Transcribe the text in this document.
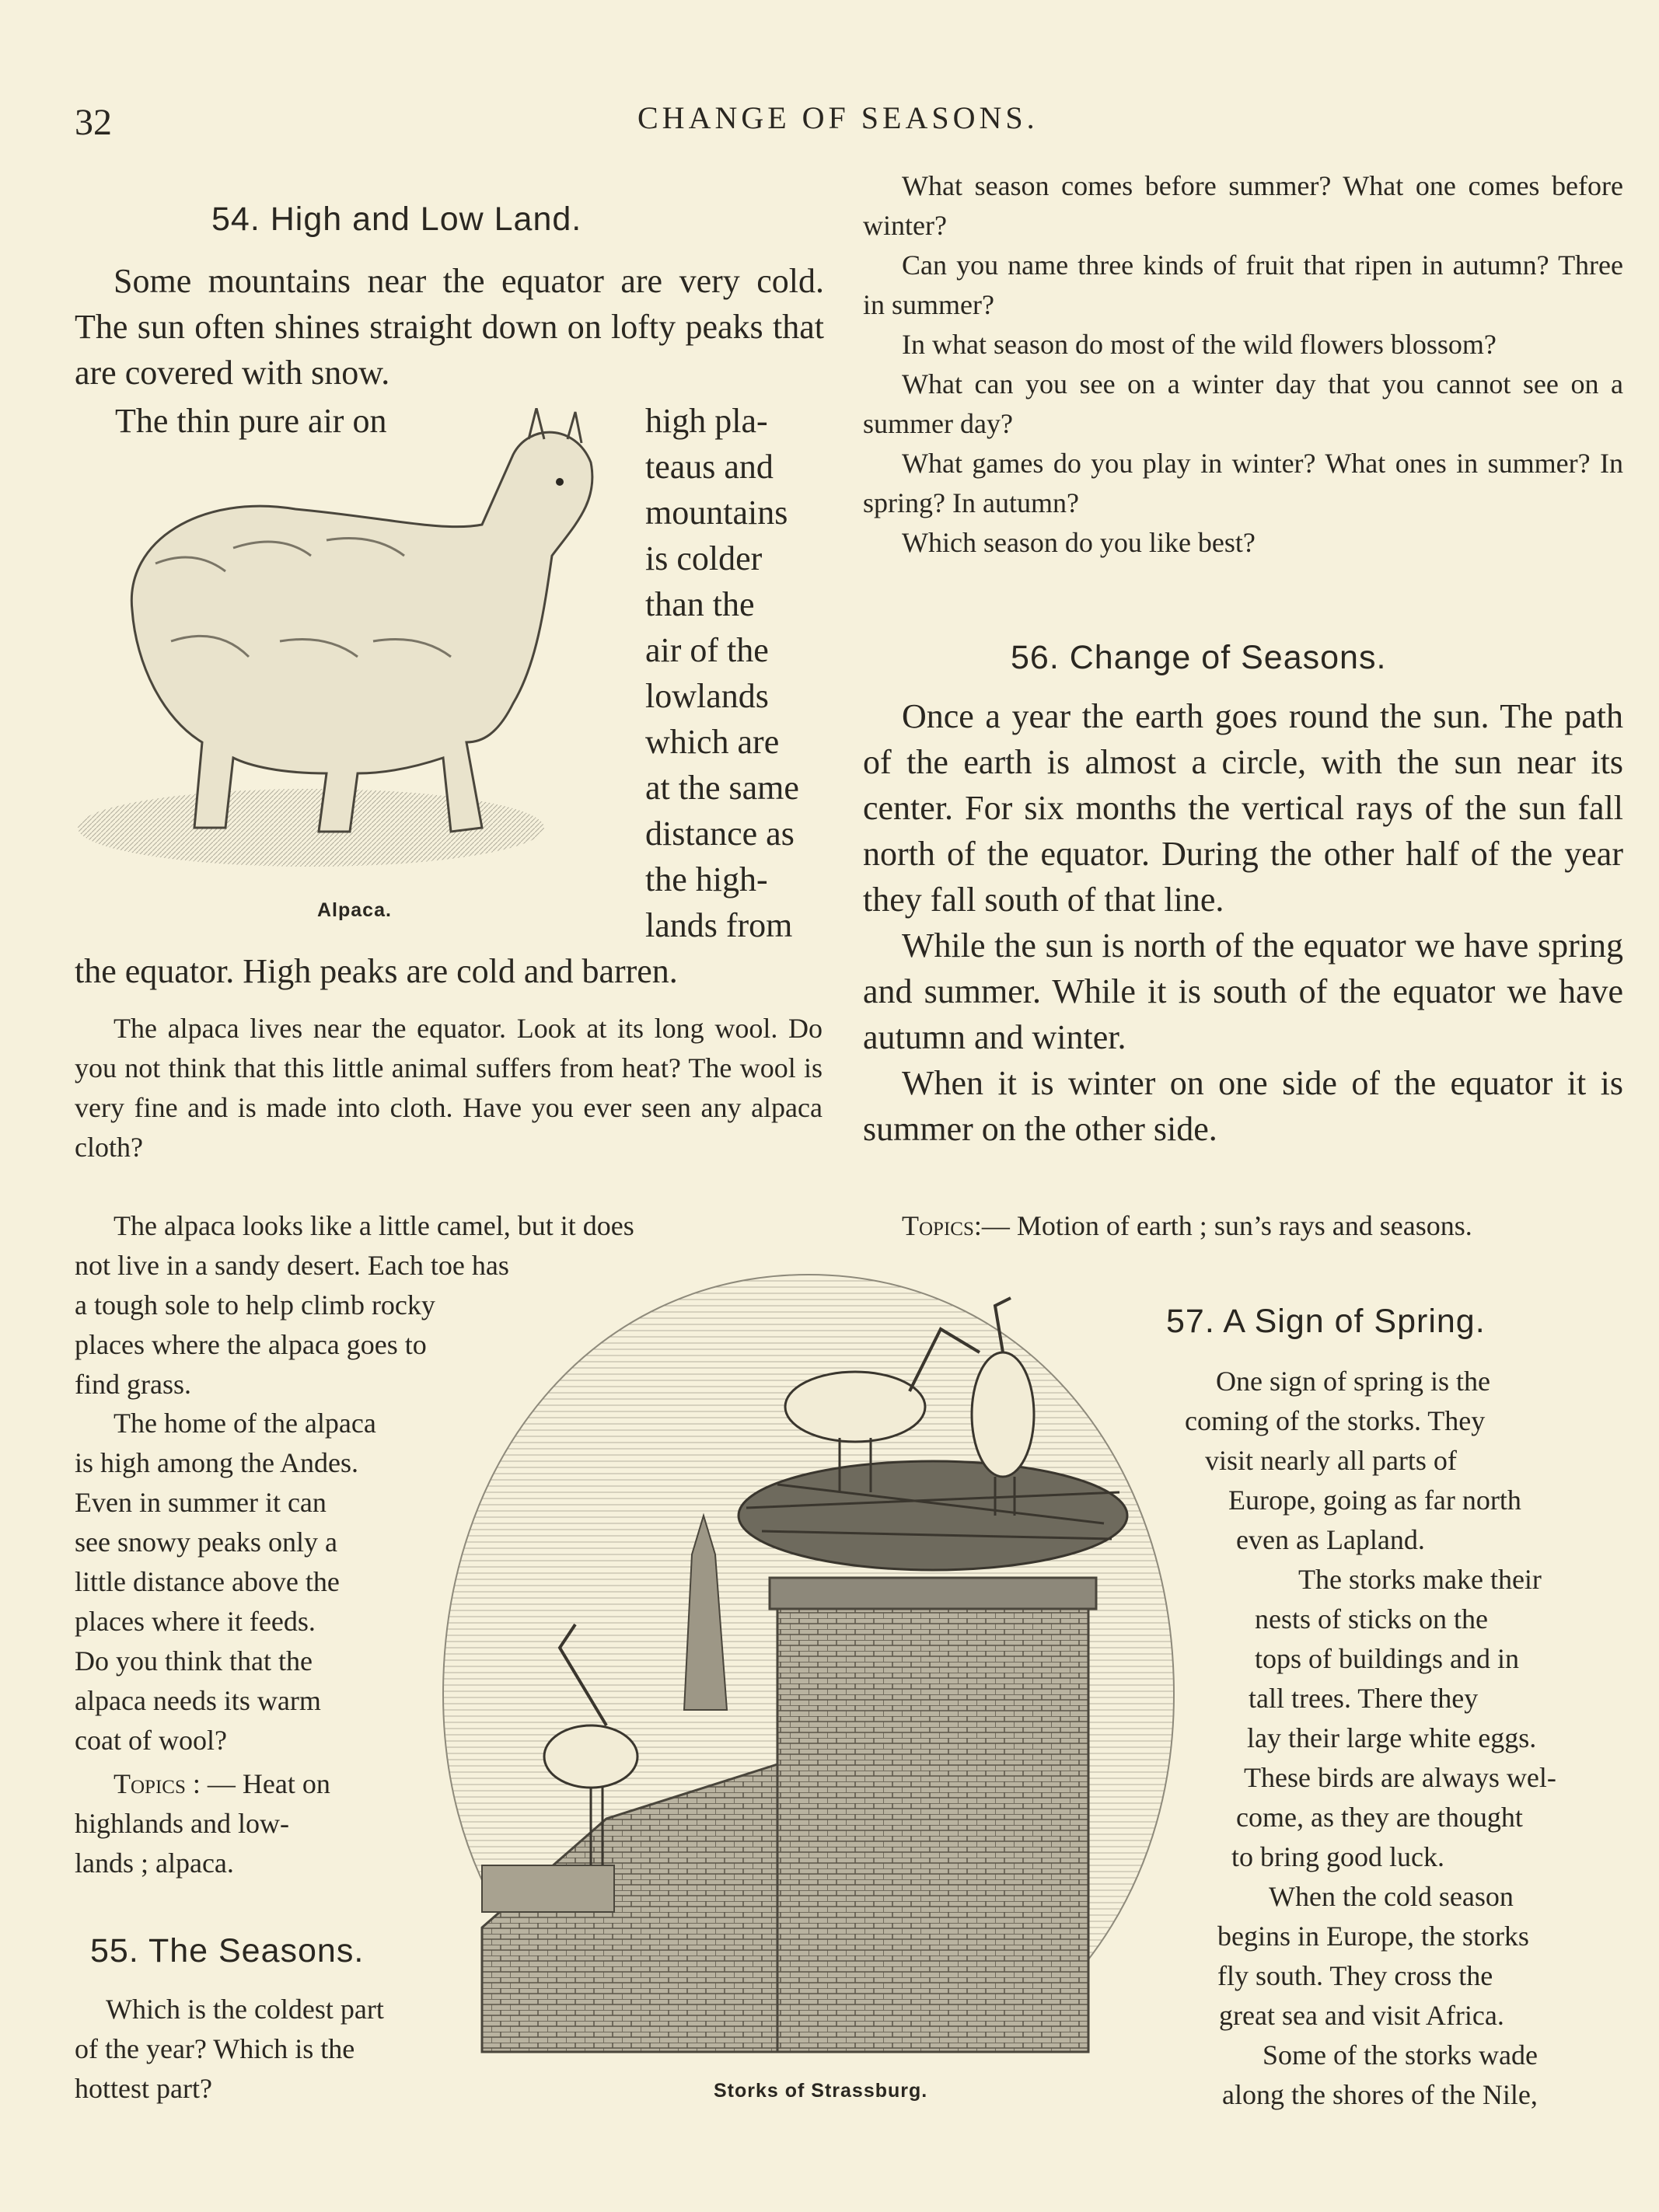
32	CHANGE OF SEASONS.
54. High and Low Land.

Some mountains near the equator are very cold. The sun often shines straight down on lofty peaks that are covered with snow.

The thin pure air on
Alpaca.
high pla-
teaus and
mountains
is colder
than the
air of the
lowlands
which are
at the same
distance as
the high-
lands from
the equator. High peaks are cold and barren.

The alpaca lives near the equator. Look at its long wool. Do you not think that this little animal suffers from heat? The wool is very fine and is made into cloth. Have you ever seen any alpaca cloth?

The alpaca looks like a little camel, but it does

not live in a sandy desert. Each toe has
a tough sole to help climb rocky
places where the alpaca goes to
find grass.
The home of the alpaca
is high among the Andes.
Even in summer it can
see snowy peaks only a
little distance above the
places where it feeds.
Do you think that the
alpaca needs its warm
coat of wool?
Topics : — Heat on
highlands and low-
lands ; alpaca.
55. The Seasons.
Which is the coldest part
of the year? Which is the
hottest part?

What season comes before summer? What one comes before winter?

Can you name three kinds of fruit that ripen in autumn? Three in summer?

In what season do most of the wild flowers blossom?

What can you see on a winter day that you cannot see on a summer day?

What games do you play in winter? What ones in summer? In spring? In autumn?

Which season do you like best?

56. Change of Seasons.

Once a year the earth goes round the sun. The path of the earth is almost a circle, with the sun near its center. For six months the vertical rays of the sun fall north of the equator. During the other half of the year they fall south of that line.

While the sun is north of the equator we have spring and summer. While it is south of the equator we have autumn and winter.

When it is winter on one side of the equator it is summer on the other side.

Topics:— Motion of earth ; sun’s rays and seasons.

Storks of Strassburg.
57. A Sign of Spring.
One sign of spring is the
coming of the storks. They
visit nearly all parts of
Europe, going as far north
even as Lapland.
The storks make their
nests of sticks on the
tops of buildings and in
tall trees. There they
lay their large white eggs.
These birds are always wel-
come, as they are thought
to bring good luck.
When the cold season
begins in Europe, the storks
fly south. They cross the
great sea and visit Africa.
Some of the storks wade
along the shores of the Nile,
